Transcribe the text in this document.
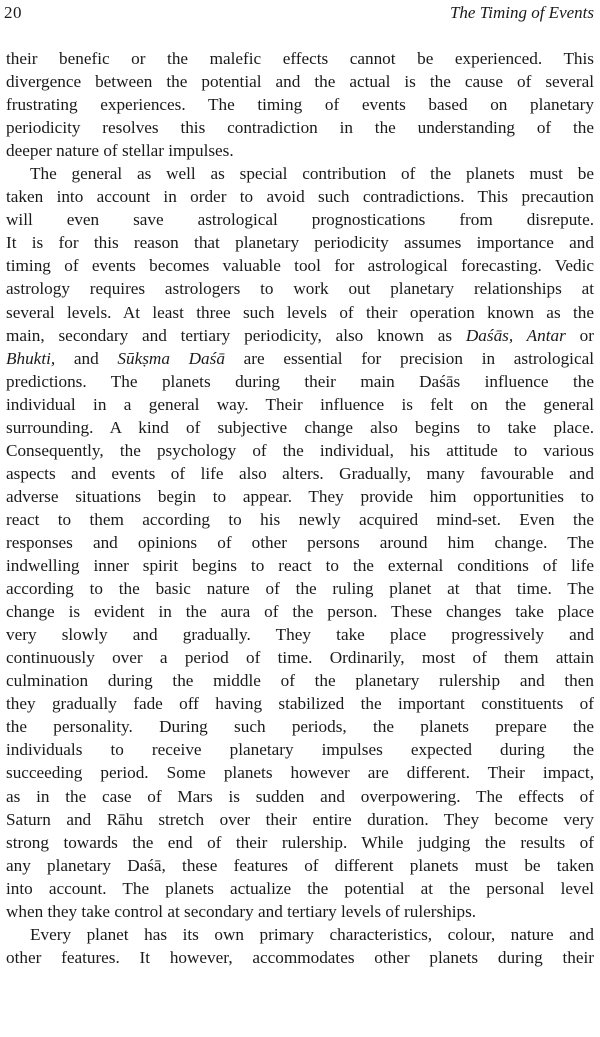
20	The Timing of Events
their benefic or the malefic effects cannot be experienced. This
divergence between the potential and the actual is the cause of several
frustrating experiences. The timing of events based on planetary
periodicity resolves this contradiction in the understanding of the
deeper nature of stellar impulses.
The general as well as special contribution of the planets must be
taken into account in order to avoid such contradictions. This precaution
will even save astrological prognostications from disrepute.
It is for this reason that planetary periodicity assumes importance and
timing of events becomes valuable tool for astrological forecasting. Vedic
astrology requires astrologers to work out planetary relationships at
several levels. At least three such levels of their operation known as the
main, secondary and tertiary periodicity, also known as Daśās, Antar or
Bhukti, and Sūkṣma Daśā are essential for precision in astrological
predictions. The planets during their main Daśās influence the
individual in a general way. Their influence is felt on the general
surrounding. A kind of subjective change also begins to take place.
Consequently, the psychology of the individual, his attitude to various
aspects and events of life also alters. Gradually, many favourable and
adverse situations begin to appear. They provide him opportunities to
react to them according to his newly acquired mind-set. Even the
responses and opinions of other persons around him change. The
indwelling inner spirit begins to react to the external conditions of life
according to the basic nature of the ruling planet at that time. The
change is evident in the aura of the person. These changes take place
very slowly and gradually. They take place progressively and
continuously over a period of time. Ordinarily, most of them attain
culmination during the middle of the planetary rulership and then
they gradually fade off having stabilized the important constituents of
the personality. During such periods, the planets prepare the
individuals to receive planetary impulses expected during the
succeeding period. Some planets however are different. Their impact,
as in the case of Mars is sudden and overpowering. The effects of
Saturn and Rāhu stretch over their entire duration. They become very
strong towards the end of their rulership. While judging the results of
any planetary Daśā, these features of different planets must be taken
into account. The planets actualize the potential at the personal level
when they take control at secondary and tertiary levels of rulerships.
Every planet has its own primary characteristics, colour, nature and
other features. It however, accommodates other planets during their
